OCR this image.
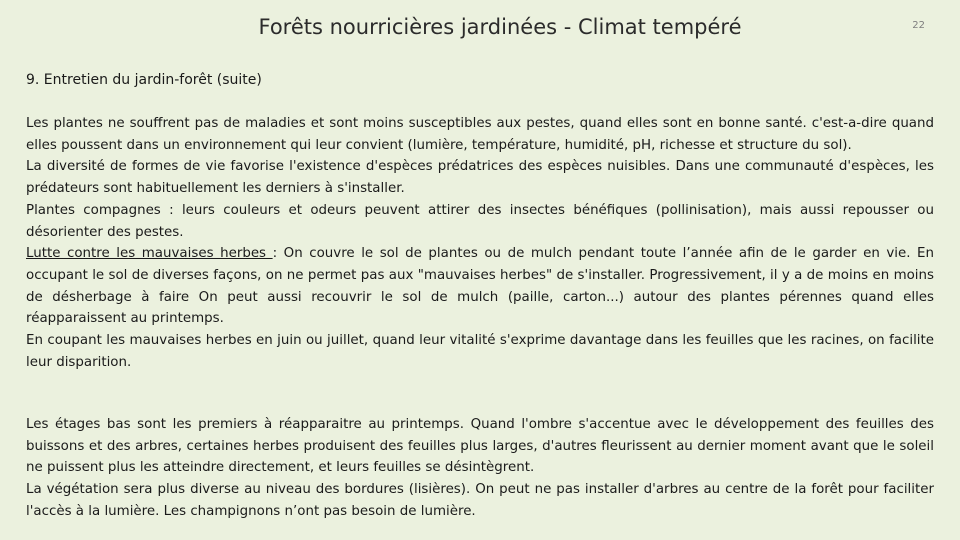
Forêts nourricières jardinées - Climat tempéré	22
9. Entretien du jardin-forêt (suite)

Les plantes ne souffrent pas de maladies et sont moins susceptibles aux pestes, quand elles sont en bonne santé. c'est-a-dire quand elles poussent dans un environnement qui leur convient (lumière, température, humidité, pH, richesse et structure du sol).

La diversité de formes de vie favorise l'existence d'espèces prédatrices des espèces nuisibles. Dans une communauté d'espèces, les prédateurs sont habituellement les derniers à s'installer.

Plantes compagnes : leurs couleurs et odeurs peuvent attirer des insectes bénéfiques (pollinisation), mais aussi repousser ou désorienter des pestes.

Lutte contre les mauvaises herbes : On couvre le sol de plantes ou de mulch pendant toute l’année afin de le garder en vie. En occupant le sol de diverses façons, on ne permet pas aux "mauvaises herbes" de s'installer. Progressivement, il y a de moins en moins de désherbage à faire On peut aussi recouvrir le sol de mulch (paille, carton...) autour des plantes pérennes quand elles réapparaissent au printemps.

En coupant les mauvaises herbes en juin ou juillet, quand leur vitalité s'exprime davantage dans les feuilles que les racines, on facilite leur disparition.

Les étages bas sont les premiers à réapparaitre au printemps. Quand l'ombre s'accentue avec le développement des feuilles des buissons et des arbres, certaines herbes produisent des feuilles plus larges, d'autres fleurissent au dernier moment avant que le soleil ne puissent plus les atteindre directement, et leurs feuilles se désintègrent.

La végétation sera plus diverse au niveau des bordures (lisières). On peut ne pas installer d'arbres au centre de la forêt pour faciliter l'accès à la lumière. Les champignons n’ont pas besoin de lumière.
